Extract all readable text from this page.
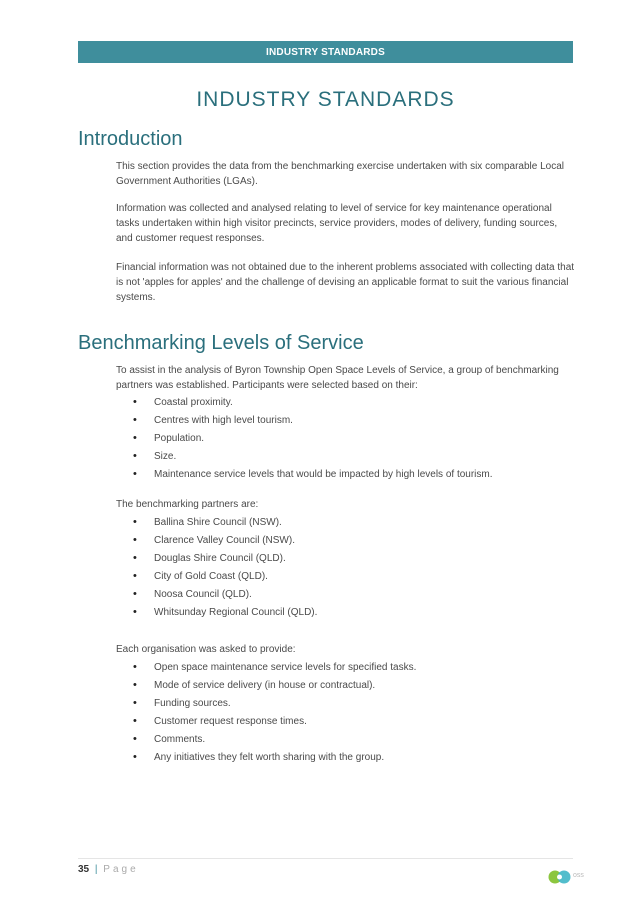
INDUSTRY STANDARDS
INDUSTRY STANDARDS
Introduction

This section provides the data from the benchmarking exercise undertaken with six comparable Local Government Authorities (LGAs).

Information was collected and analysed relating to level of service for key maintenance operational tasks undertaken within high visitor precincts, service providers, modes of delivery, funding sources, and customer request responses.

Financial information was not obtained due to the inherent problems associated with collecting data that is not 'apples for apples' and the challenge of devising an applicable format to suit the various financial systems.

Benchmarking Levels of Service

To assist in the analysis of Byron Township Open Space Levels of Service, a group of benchmarking partners was established. Participants were selected based on their:

• Coastal proximity.
• Centres with high level tourism.
• Population.
• Size.
• Maintenance service levels that would be impacted by high levels of tourism.

The benchmarking partners are:

• Ballina Shire Council (NSW).
• Clarence Valley Council (NSW).
• Douglas Shire Council (QLD).
• City of Gold Coast (QLD).
• Noosa Council (QLD).
• Whitsunday Regional Council (QLD).

Each organisation was asked to provide:

• Open space maintenance service levels for specified tasks.
• Mode of service delivery (in house or contractual).
• Funding sources.
• Customer request response times.
• Comments.
• Any initiatives they felt worth sharing with the group.
35 | Page
oss
